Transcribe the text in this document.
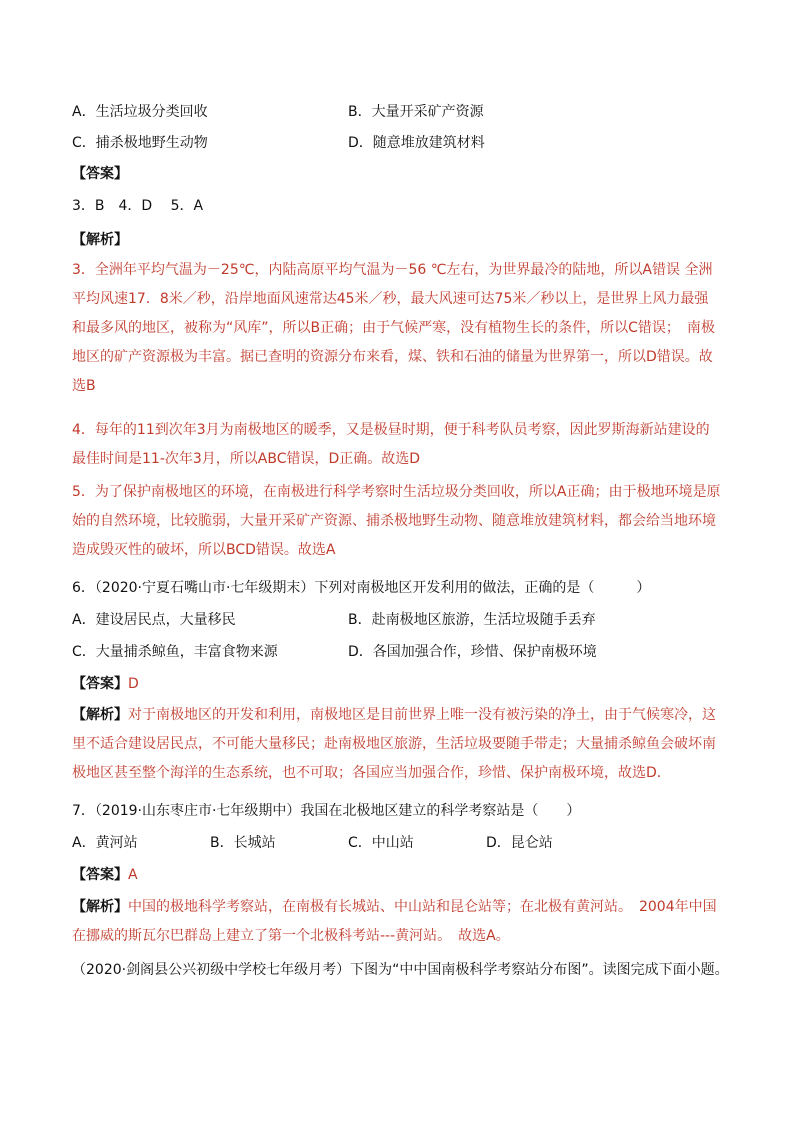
A．生活垃圾分类回收	B．大量开采矿产资源
C．捕杀极地野生动物	D．随意堆放建筑材料
【答案】
3．B　4．D　 5．A
【解析】
3．全洲年平均气温为－25℃，内陆高原平均气温为－56 ℃左右，为世界最冷的陆地，所以A错误 全洲平均风速17．8米／秒，沿岸地面风速常达45米／秒，最大风速可达75米／秒以上，是世界上风力最强和最多风的地区，被称为“风库”，所以B正确；由于气候严寒，没有植物生长的条件，所以C错误；　南极地区的矿产资源极为丰富。据已查明的资源分布来看，煤、铁和石油的储量为世界第一，所以D错误。故选B
4．每年的11到次年3月为南极地区的暖季，又是极昼时期，便于科考队员考察，因此罗斯海新站建设的最佳时间是11-次年3月，所以ABC错误，D正确。故选D
5．为了保护南极地区的环境，在南极进行科学考察时生活垃圾分类回收，所以A正确；由于极地环境是原始的自然环境，比较脆弱，大量开采矿产资源、捕杀极地野生动物、随意堆放建筑材料，都会给当地环境造成毁灭性的破坏，所以BCD错误。故选A
6．（2020·宁夏石嘴山市·七年级期末）下列对南极地区开发利用的做法，正确的是（　　　）
A．建设居民点，大量移民	B．赴南极地区旅游，生活垃圾随手丢弃
C．大量捕杀鲸鱼，丰富食物来源	D．各国加强合作，珍惜、保护南极环境
【答案】D
【解析】对于南极地区的开发和利用，南极地区是目前世界上唯一没有被污染的净土，由于气候寒冷，这里不适合建设居民点，不可能大量移民；赴南极地区旅游，生活垃圾要随手带走；大量捕杀鲸鱼会破坏南极地区甚至整个海洋的生态系统，也不可取；各国应当加强合作，珍惜、保护南极环境，故选D．
7．（2019·山东枣庄市·七年级期中）我国在北极地区建立的科学考察站是（　　）
A．黄河站	B．长城站	C．中山站	D．昆仑站
【答案】A
【解析】中国的极地科学考察站，在南极有长城站、中山站和昆仑站等；在北极有黄河站。　2004年中国在挪威的斯瓦尔巴群岛上建立了第一个北极科考站---黄河站。　故选A。
（2020·剑阁县公兴初级中学校七年级月考）下图为“中中国南极科学考察站分布图”。读图完成下面小题。
